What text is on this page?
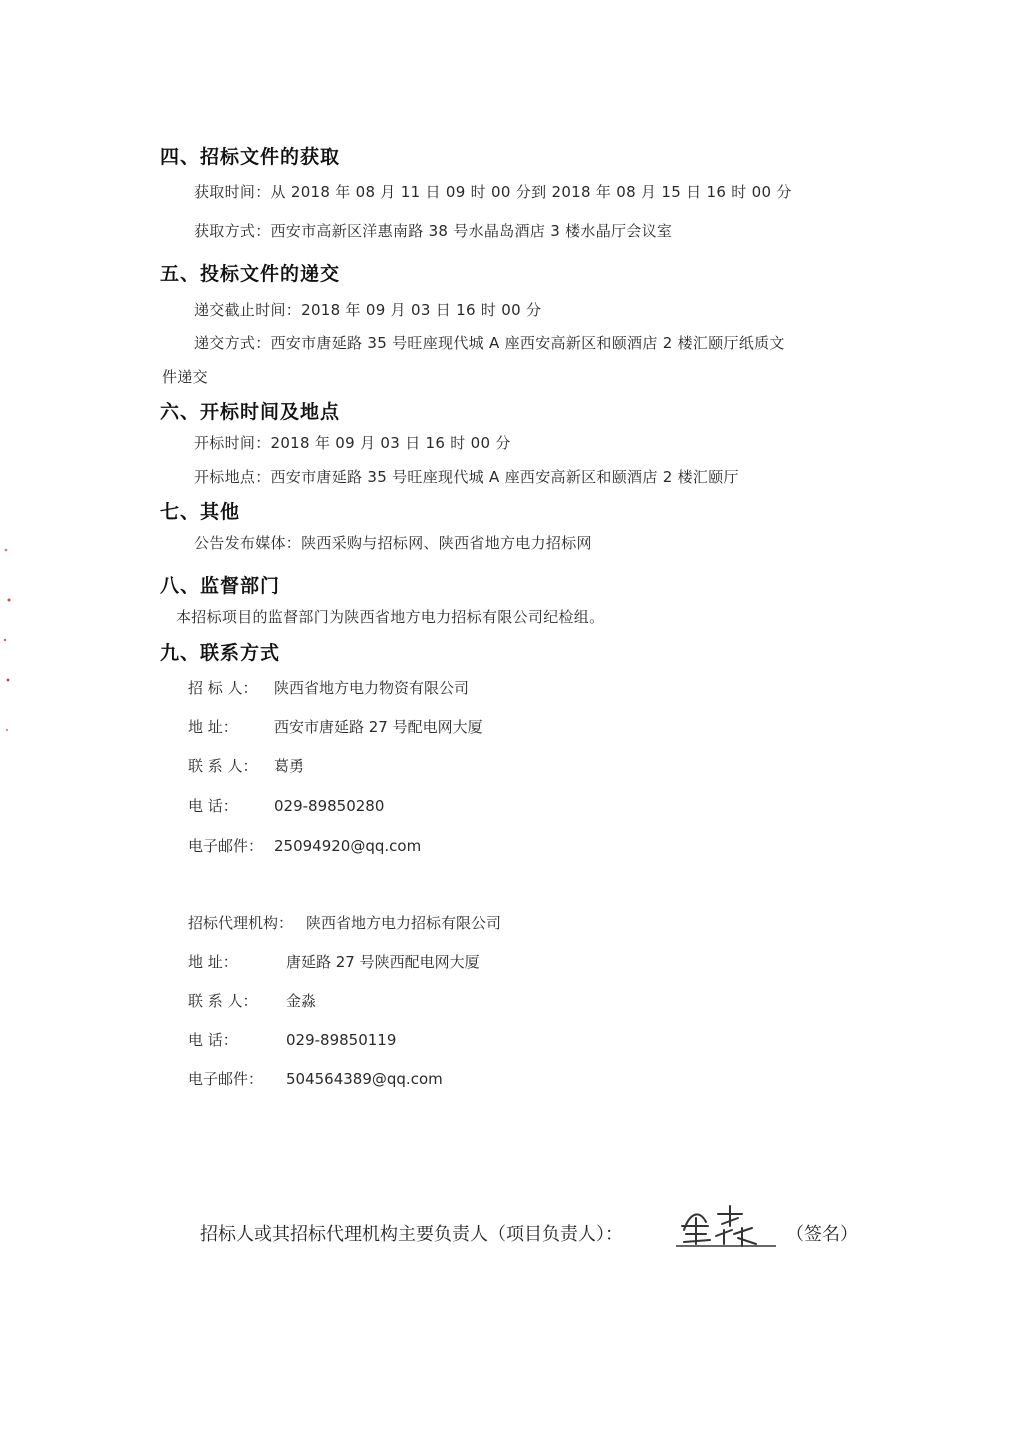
四、招标文件的获取
获取时间：从 2018 年 08 月 11 日 09 时 00 分到 2018 年 08 月 15 日 16 时 00 分
获取方式：西安市高新区洋惠南路 38 号水晶岛酒店 3 楼水晶厅会议室
五、投标文件的递交
递交截止时间：2018 年 09 月 03 日 16 时 00 分
递交方式：西安市唐延路 35 号旺座现代城 A 座西安高新区和颐酒店 2 楼汇颐厅纸质文
件递交
六、开标时间及地点
开标时间：2018 年 09 月 03 日 16 时 00 分
开标地点：西安市唐延路 35 号旺座现代城 A 座西安高新区和颐酒店 2 楼汇颐厅
七、其他
公告发布媒体：陕西采购与招标网、陕西省地方电力招标网
八、监督部门
本招标项目的监督部门为陕西省地方电力招标有限公司纪检组。
九、联系方式
招 标 人： 陕西省地方电力物资有限公司
地 址： 西安市唐延路 27 号配电网大厦
联 系 人： 葛勇
电 话： 029-89850280
电子邮件： 25094920@qq.com
招标代理机构： 陕西省地方电力招标有限公司
地 址：	唐延路 27 号陕西配电网大厦
联 系 人： 金淼
电 话：	029-89850119
电子邮件： 504564389@qq.com
招标人或其招标代理机构主要负责人（项目负责人）：	（签名）
